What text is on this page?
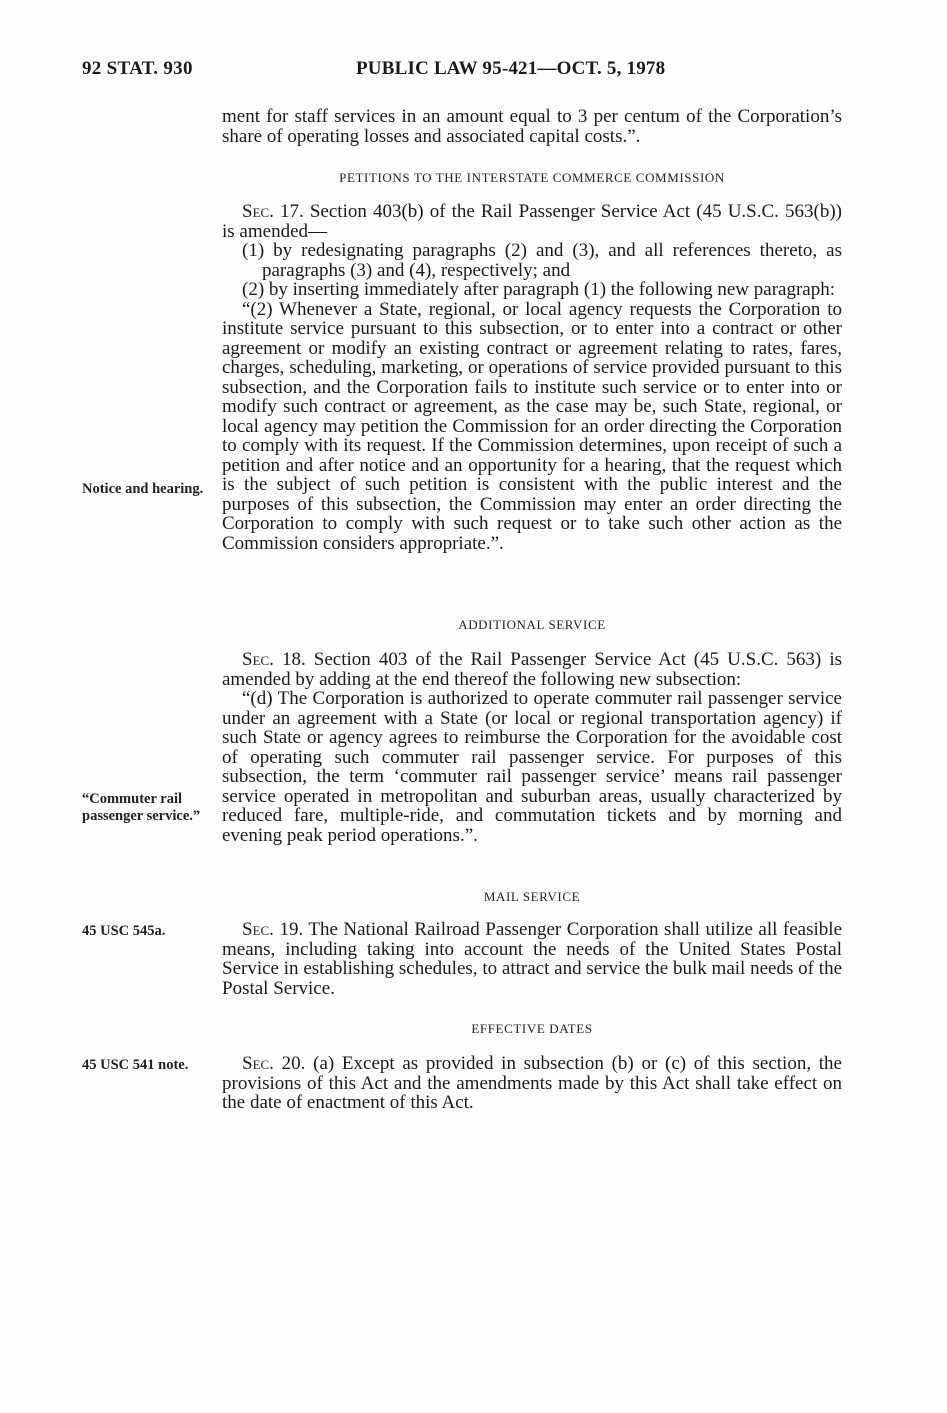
92 STAT. 930	PUBLIC LAW 95-421—OCT. 5, 1978

ment for staff services in an amount equal to 3 per centum of the Corporation’s share of operating losses and associated capital costs.”.

PETITIONS TO THE INTERSTATE COMMERCE COMMISSION

Sec. 17. Section 403(b) of the Rail Passenger Service Act (45 U.S.C. 563(b)) is amended—

(1) by redesignating paragraphs (2) and (3), and all references thereto, as paragraphs (3) and (4), respectively; and

(2) by inserting immediately after paragraph (1) the following new paragraph:

“(2) Whenever a State, regional, or local agency requests the Corporation to institute service pursuant to this subsection, or to enter into a contract or other agreement or modify an existing contract or agreement relating to rates, fares, charges, scheduling, marketing, or operations of service provided pursuant to this subsection, and the Corporation fails to institute such service or to enter into or modify such contract or agreement, as the case may be, such State, regional, or local agency may petition the Commission for an order directing the Corporation to comply with its request. If the Commission determines, upon receipt of such a petition and after notice and an opportunity for a hearing, that the request which is the subject of such petition is consistent with the public interest and the purposes of this subsection, the Commission may enter an order directing the Corporation to comply with such request or to take such other action as the Commission considers appropriate.”.

Notice and hearing.
ADDITIONAL SERVICE

Sec. 18. Section 403 of the Rail Passenger Service Act (45 U.S.C. 563) is amended by adding at the end thereof the following new subsection:

“(d) The Corporation is authorized to operate commuter rail passenger service under an agreement with a State (or local or regional transportation agency) if such State or agency agrees to reimburse the Corporation for the avoidable cost of operating such commuter rail passenger service. For purposes of this subsection, the term ‘commuter rail passenger service’ means rail passenger service operated in metropolitan and suburban areas, usually characterized by reduced fare, multiple-ride, and commutation tickets and by morning and evening peak period operations.”.

“Commuter rail passenger service.”
MAIL SERVICE
45 USC 545a.	Sec. 19. The National Railroad Passenger Corporation shall utilize all feasible means, including taking into account the needs of the United States Postal Service in establishing schedules, to attract and service the bulk mail needs of the Postal Service.

EFFECTIVE DATES
45 USC 541 note.	Sec. 20. (a) Except as provided in subsection (b) or (c) of this section, the provisions of this Act and the amendments made by this Act shall take effect on the date of enactment of this Act.
